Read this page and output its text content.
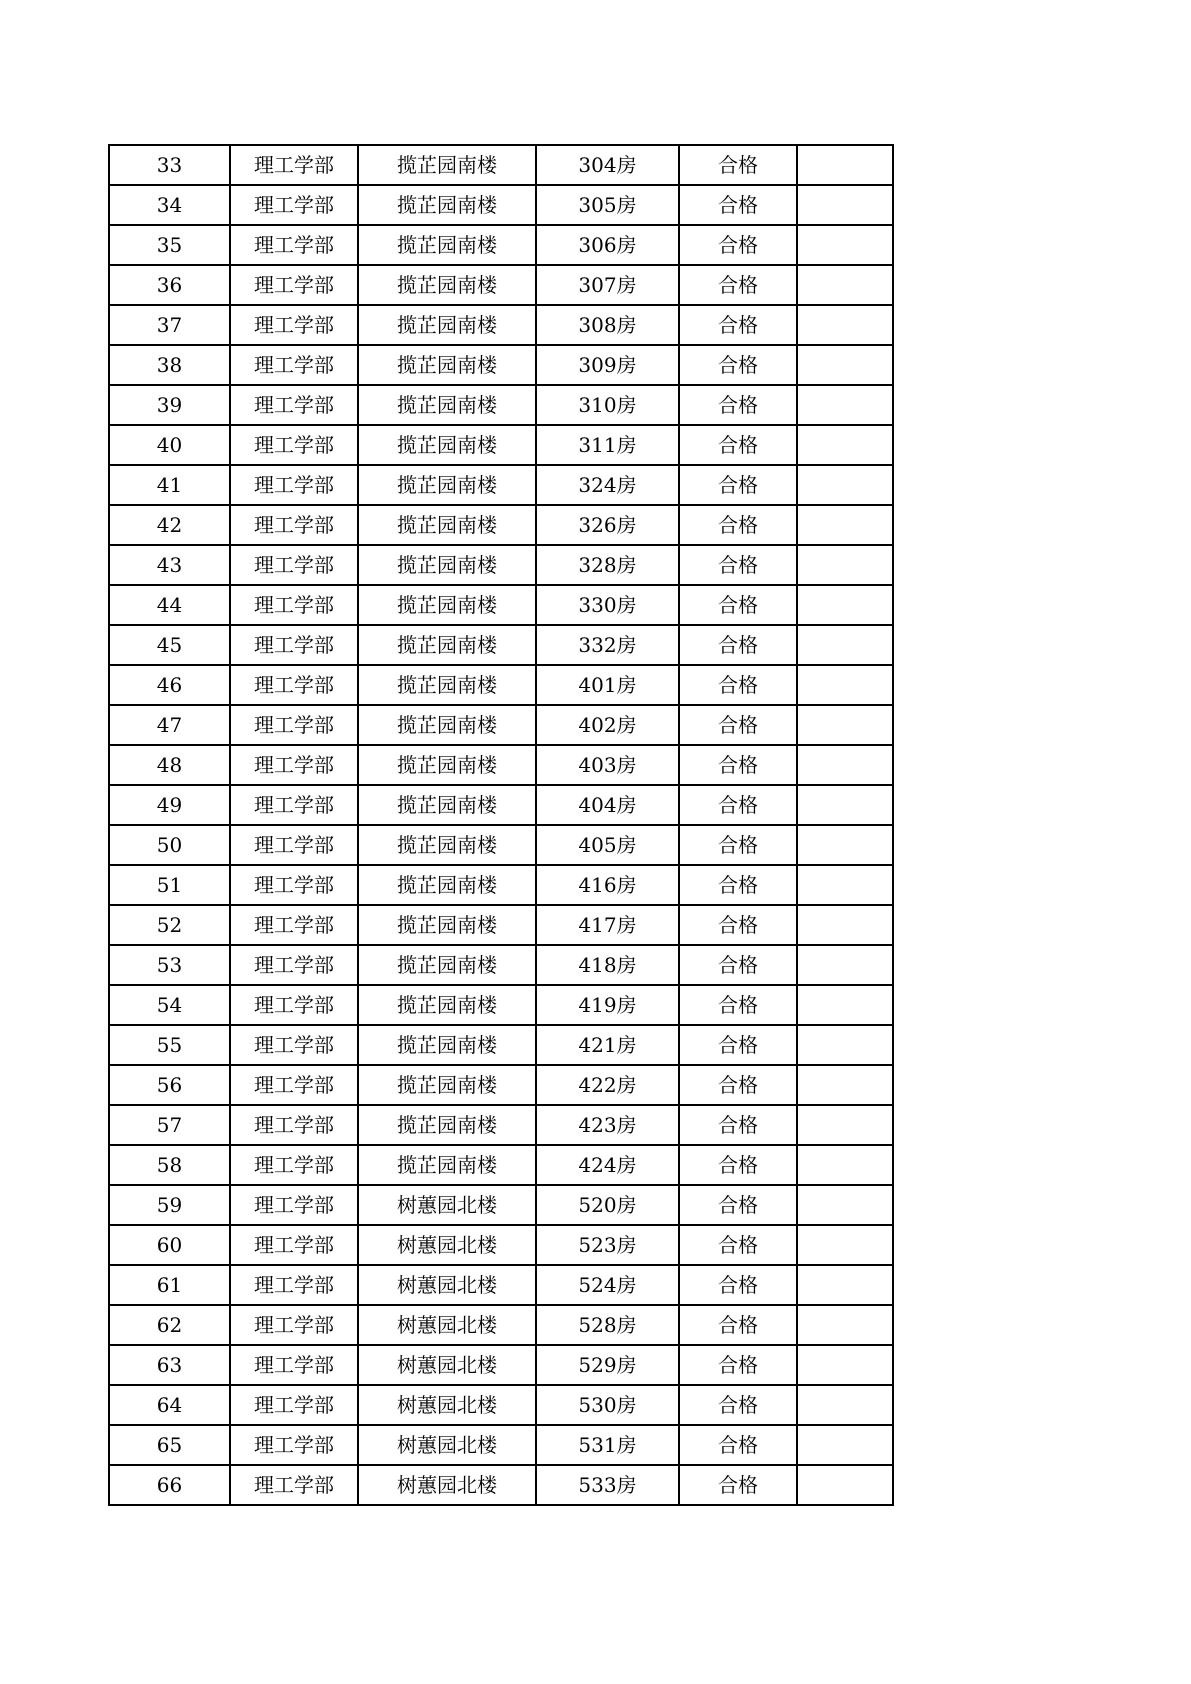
33	理工学部	揽芷园南楼	304房	合格	
34	理工学部	揽芷园南楼	305房	合格	
35	理工学部	揽芷园南楼	306房	合格	
36	理工学部	揽芷园南楼	307房	合格	
37	理工学部	揽芷园南楼	308房	合格	
38	理工学部	揽芷园南楼	309房	合格	
39	理工学部	揽芷园南楼	310房	合格	
40	理工学部	揽芷园南楼	311房	合格	
41	理工学部	揽芷园南楼	324房	合格	
42	理工学部	揽芷园南楼	326房	合格	
43	理工学部	揽芷园南楼	328房	合格	
44	理工学部	揽芷园南楼	330房	合格	
45	理工学部	揽芷园南楼	332房	合格	
46	理工学部	揽芷园南楼	401房	合格	
47	理工学部	揽芷园南楼	402房	合格	
48	理工学部	揽芷园南楼	403房	合格	
49	理工学部	揽芷园南楼	404房	合格	
50	理工学部	揽芷园南楼	405房	合格	
51	理工学部	揽芷园南楼	416房	合格	
52	理工学部	揽芷园南楼	417房	合格	
53	理工学部	揽芷园南楼	418房	合格	
54	理工学部	揽芷园南楼	419房	合格	
55	理工学部	揽芷园南楼	421房	合格	
56	理工学部	揽芷园南楼	422房	合格	
57	理工学部	揽芷园南楼	423房	合格	
58	理工学部	揽芷园南楼	424房	合格	
59	理工学部	树蕙园北楼	520房	合格	
60	理工学部	树蕙园北楼	523房	合格	
61	理工学部	树蕙园北楼	524房	合格	
62	理工学部	树蕙园北楼	528房	合格	
63	理工学部	树蕙园北楼	529房	合格	
64	理工学部	树蕙园北楼	530房	合格	
65	理工学部	树蕙园北楼	531房	合格	
66	理工学部	树蕙园北楼	533房	合格	
